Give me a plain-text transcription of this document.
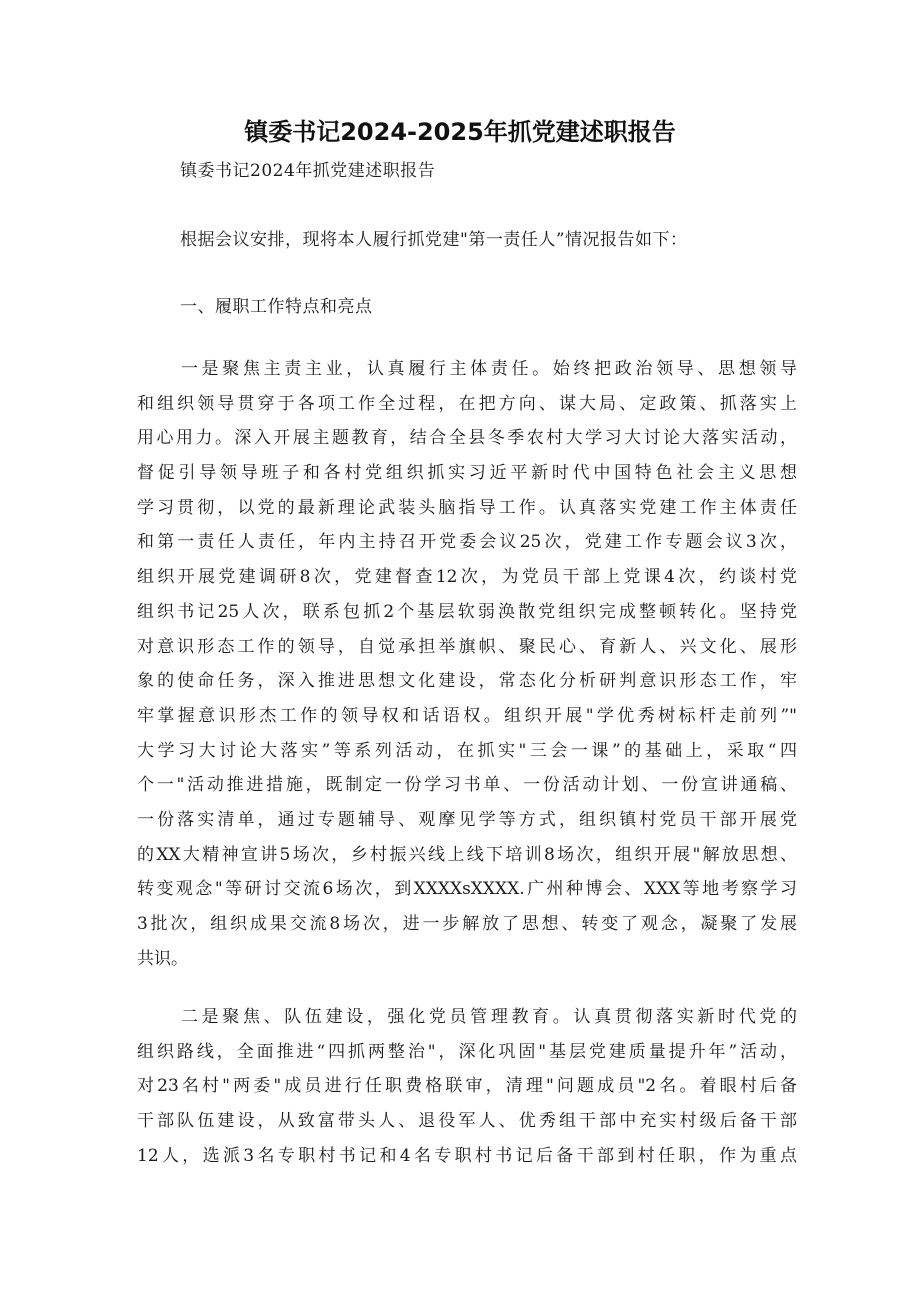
镇委书记2024-2025年抓党建述职报告
镇委书记2024年抓党建述职报告
根据会议安排，现将本人履行抓党建"第一责任人”情况报告如下：
一、履职工作特点和亮点
一是聚焦主责主业，认真履行主体责任。始终把政治领导、思想领导
和组织领导贯穿于各项工作全过程，在把方向、谋大局、定政策、抓落实上
用心用力。深入开展主题教育，结合全县冬季农村大学习大讨论大落实活动，
督促引导领导班子和各村党组织抓实习近平新时代中国特色社会主义思想
学习贯彻，以党的最新理论武装头脑指导工作。认真落实党建工作主体责任
和第一责任人责任，年内主持召开党委会议25次，党建工作专题会议3次，
组织开展党建调研8次，党建督查12次，为党员干部上党课4次，约谈村党
组织书记25人次，联系包抓2个基层软弱涣散党组织完成整顿转化。坚持党
对意识形态工作的领导，自觉承担举旗帜、聚民心、育新人、兴文化、展形
象的使命任务，深入推进思想文化建设，常态化分析研判意识形态工作，牢
牢掌握意识形杰工作的领导权和话语权。组织开展"学优秀树标杆走前列”"
大学习大讨论大落实”等系列活动，在抓实"三会一课”的基础上，采取“四
个一"活动推进措施，既制定一份学习书单、一份活动计划、一份宣讲通稿、
一份落实清单，通过专题辅导、观摩见学等方式，组织镇村党员干部开展党
的XX大精神宣讲5场次，乡村振兴线上线下培训8场次，组织开展"解放思想、
转变观念"等研讨交流6场次，到XXXXsXXXX.广州种博会、XXX等地考察学习
3批次，组织成果交流8场次，进一步解放了思想、转变了观念，凝聚了发展
共识。
二是聚焦、队伍建设，强化党员管理教育。认真贯彻落实新时代党的
组织路线，全面推进“四抓两整治"，深化巩固"基层党建质量提升年”活动，
对23名村"两委"成员进行任职费格联审，清理"问题成员"2名。着眼村后备
干部队伍建设，从致富带头人、退役军人、优秀组干部中充实村级后备干部
12人，选派3名专职村书记和4名专职村书记后备干部到村任职，作为重点
